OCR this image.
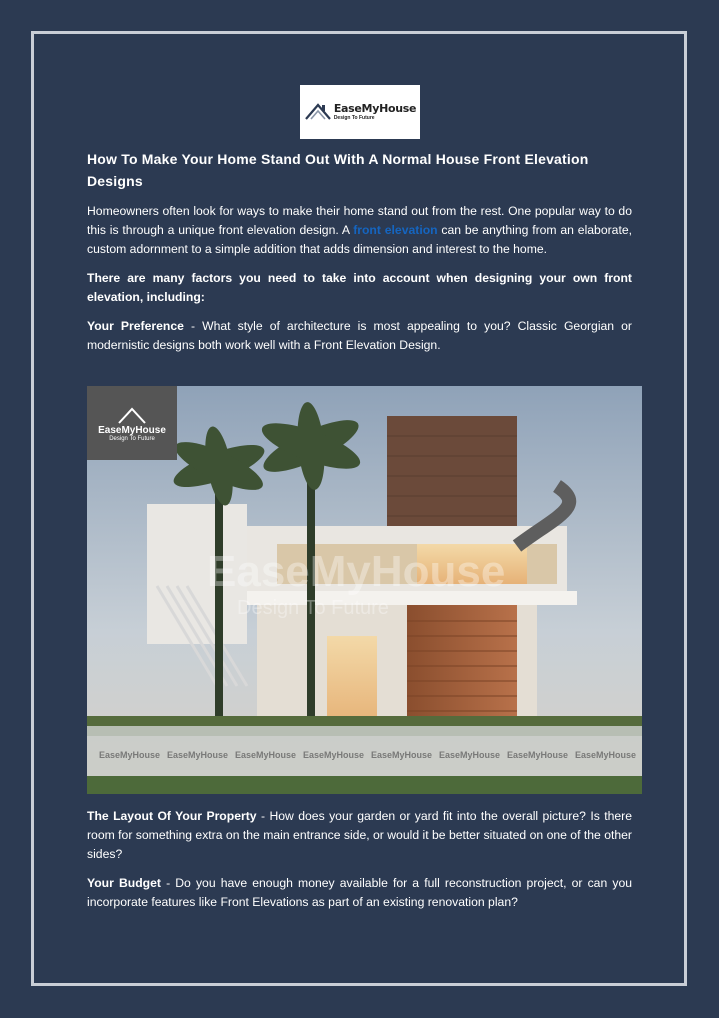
EaseMyHouse
Design To Future
How To Make Your Home Stand Out With A Normal House Front Elevation Designs

Homeowners often look for ways to make their home stand out from the rest. One popular way to do this is through a unique front elevation design. A front elevation can be anything from an elaborate, custom adornment to a simple addition that adds dimension and interest to the home.

There are many factors you need to take into account when designing your own front elevation, including:

Your Preference - What style of architecture is most appealing to you? Classic Georgian or modernistic designs both work well with a Front Elevation Design.

EaseMyHouse
Design To Future
EaseMyHouse EaseMyHouse EaseMyHouse EaseMyHouse EaseMyHouse EaseMyHouse EaseMyHouse EaseMyHouse
EaseMyHouse
Design To Future

The Layout Of Your Property - How does your garden or yard fit into the overall picture? Is there room for something extra on the main entrance side, or would it be better situated on one of the other sides?

Your Budget - Do you have enough money available for a full reconstruction project, or can you incorporate features like Front Elevations as part of an existing renovation plan?
